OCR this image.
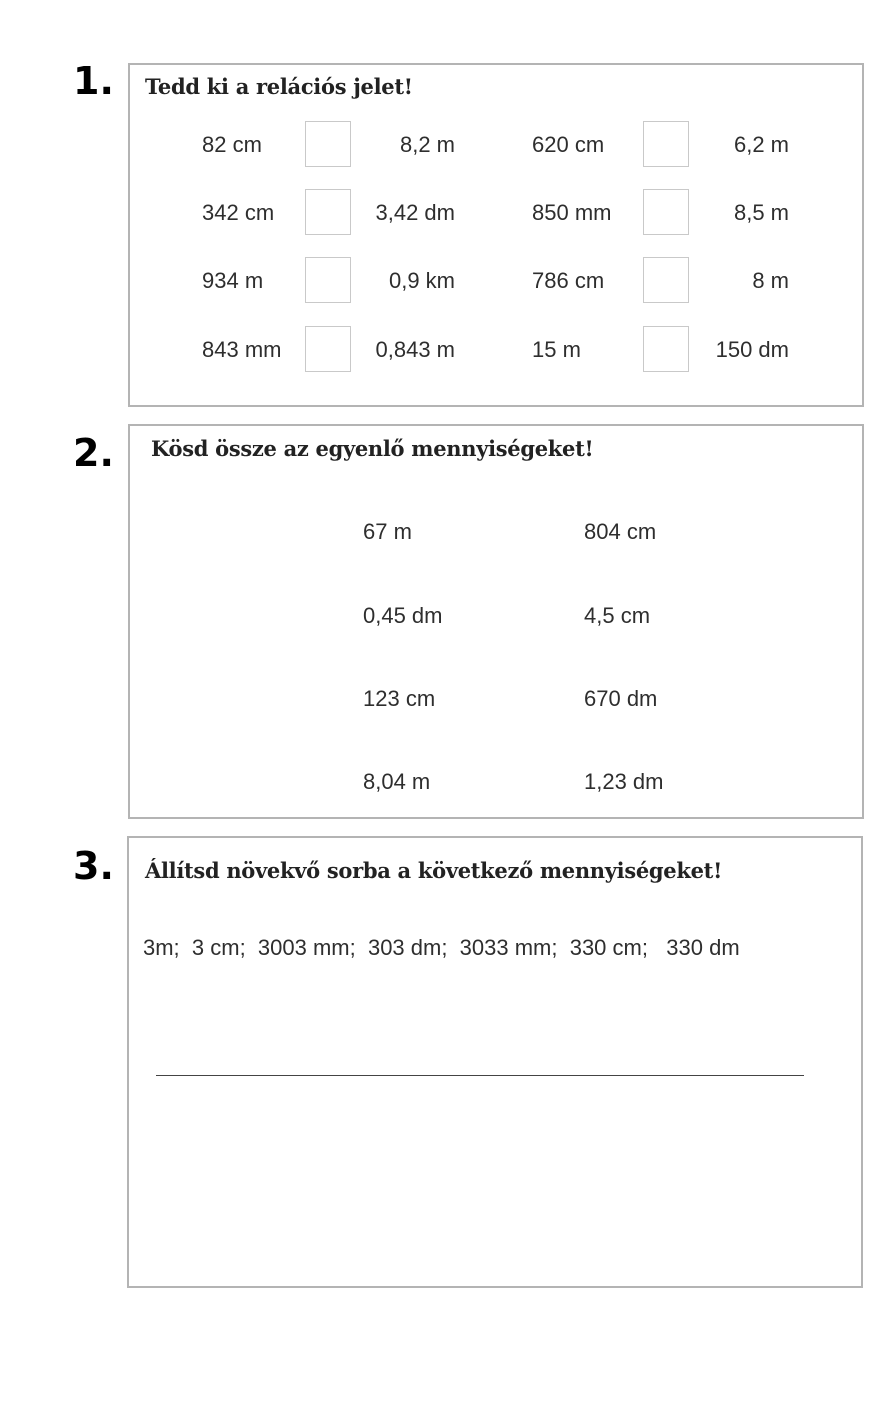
1. Tedd ki a relációs jelet!
82 cm	8,2 m	620 cm	6,2 m
342 cm	3,42 dm	850 mm	8,5 m
934 m	0,9 km	786 cm	8 m
843 mm	0,843 m	15 m	150 dm
2. Kösd össze az egyenlő mennyiségeket!
67 m	804 cm
0,45 dm	4,5 cm
123 cm	670 dm
8,04 m	1,23 dm
3. Állítsd növekvő sorba a következő mennyiségeket!
3m;  3 cm;  3003 mm;  303 dm;  3033 mm;  330 cm;   330 dm
